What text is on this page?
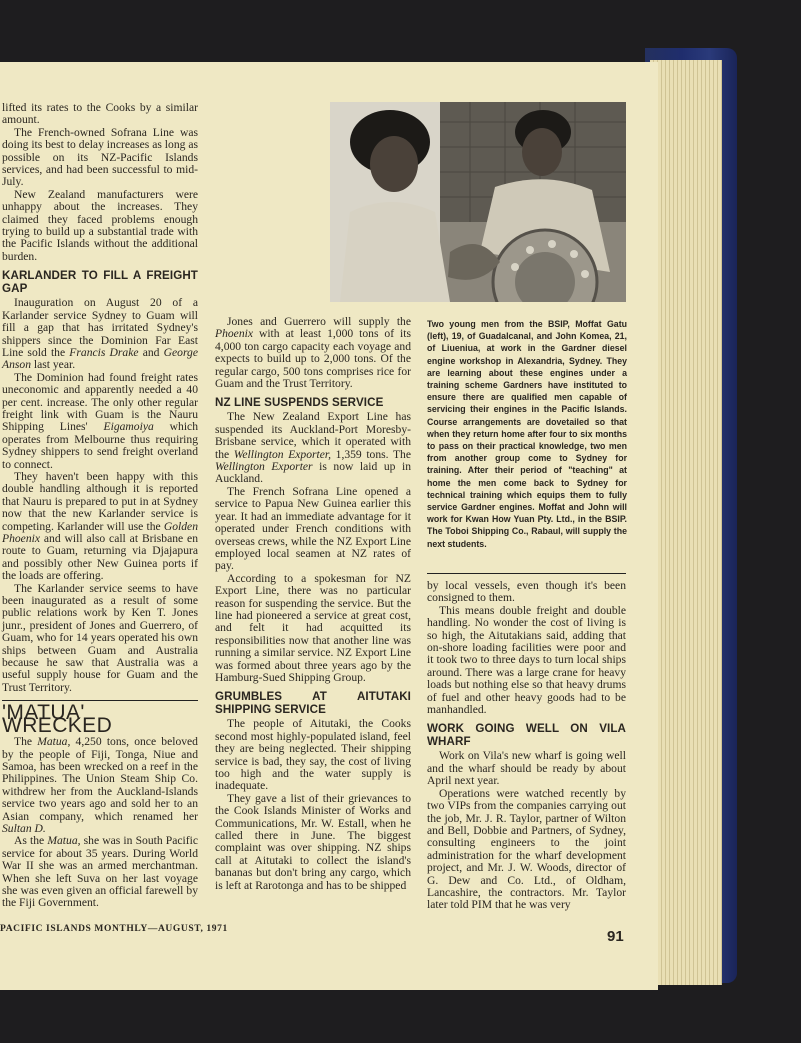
lifted its rates to the Cooks by a similar amount.

The French-owned Sofrana Line was doing its best to delay increases as long as possible on its NZ-Pacific Islands services, and had been successful to mid-July.

New Zealand manufacturers were unhappy about the increases. They claimed they faced problems enough trying to build up a substantial trade with the Pacific Islands without the additional burden.

KARLANDER TO FILL A FREIGHT GAP

Inauguration on August 20 of a Karlander service Sydney to Guam will fill a gap that has irritated Sydney's shippers since the Dominion Far East Line sold the Francis Drake and George Anson last year.

The Dominion had found freight rates uneconomic and apparently needed a 40 per cent. increase. The only other regular freight link with Guam is the Nauru Shipping Lines' Eigamoiya which operates from Melbourne thus requiring Sydney shippers to send freight overland to connect.

They haven't been happy with this double handling although it is reported that Nauru is prepared to put in at Sydney now that the new Karlander service is competing. Karlander will use the Golden Phoenix and will also call at Brisbane en route to Guam, returning via Djajapura and possibly other New Guinea ports if the loads are offering.

The Karlander service seems to have been inaugurated as a result of some public relations work by Ken T. Jones junr., president of Jones and Guerrero, of Guam, who for 14 years operated his own ships between Guam and Australia because he saw that Australia was a useful supply house for Guam and the Trust Territory.

'MATUA' WRECKED

The Matua, 4,250 tons, once beloved by the people of Fiji, Tonga, Niue and Samoa, has been wrecked on a reef in the Philippines. The Union Steam Ship Co. withdrew her from the Auckland-Islands service two years ago and sold her to an Asian company, which renamed her Sultan D.

As the Matua, she was in South Pacific service for about 35 years. During World War II she was an armed merchantman. When she left Suva on her last voyage she was even given an official farewell by the Fiji Government.

Two young men from the BSIP, Moffat Gatu (left), 19, of Guadalcanal, and John Komea, 21, of Liueniua, at work in the Gardner diesel engine workshop in Alexandria, Sydney. They are learning about these engines under a training scheme Gardners have instituted to ensure there are qualified men capable of servicing their engines in the Pacific Islands. Course arrangements are dovetailed so that when they return home after four to six months to pass on their practical knowledge, two men from another group come to Sydney for training. After their period of "teaching" at home the men come back to Sydney for technical training which equips them to fully service Gardner engines. Moffat and John will work for Kwan How Yuan Pty. Ltd., in the BSIP. The Toboi Shipping Co., Rabaul, will supply the next students.

Jones and Guerrero will supply the Phoenix with at least 1,000 tons of its 4,000 ton cargo capacity each voyage and expects to build up to 2,000 tons. Of the regular cargo, 500 tons comprises rice for Guam and the Trust Territory.

NZ LINE SUSPENDS SERVICE

The New Zealand Export Line has suspended its Auckland-Port Moresby-Brisbane service, which it operated with the Wellington Exporter, 1,359 tons. The Wellington Exporter is now laid up in Auckland.

The French Sofrana Line opened a service to Papua New Guinea earlier this year. It had an immediate advantage for it operated under French conditions with overseas crews, while the NZ Export Line employed local seamen at NZ rates of pay.

According to a spokesman for NZ Export Line, there was no particular reason for suspending the service. But the line had pioneered a service at great cost, and felt it had acquitted its responsibilities now that another line was running a similar service. NZ Export Line was formed about three years ago by the Hamburg-Sued Shipping Group.

GRUMBLES AT AITUTAKI SHIPPING SERVICE

The people of Aitutaki, the Cooks second most highly-populated island, feel they are being neglected. Their shipping service is bad, they say, the cost of living too high and the water supply is inadequate.

They gave a list of their grievances to the Cook Islands Minister of Works and Communications, Mr. W. Estall, when he called there in June. The biggest complaint was over shipping. NZ ships call at Aitutaki to collect the island's bananas but don't bring any cargo, which is left at Rarotonga and has to be shipped

by local vessels, even though it's been consigned to them.

This means double freight and double handling. No wonder the cost of living is so high, the Aitutakians said, adding that on-shore loading facilities were poor and it took two to three days to turn local ships around. There was a large crane for heavy loads but nothing else so that heavy drums of fuel and other heavy goods had to be manhandled.

WORK GOING WELL ON VILA WHARF

Work on Vila's new wharf is going well and the wharf should be ready by about April next year.

Operations were watched recently by two VIPs from the companies carrying out the job, Mr. J. R. Taylor, partner of Wilton and Bell, Dobbie and Partners, of Sydney, consulting engineers to the joint administration for the wharf development project, and Mr. J. W. Woods, director of G. Dew and Co. Ltd., of Oldham, Lancashire, the contractors. Mr. Taylor later told PIM that he was very

PACIFIC ISLANDS MONTHLY—AUGUST, 1971	91
